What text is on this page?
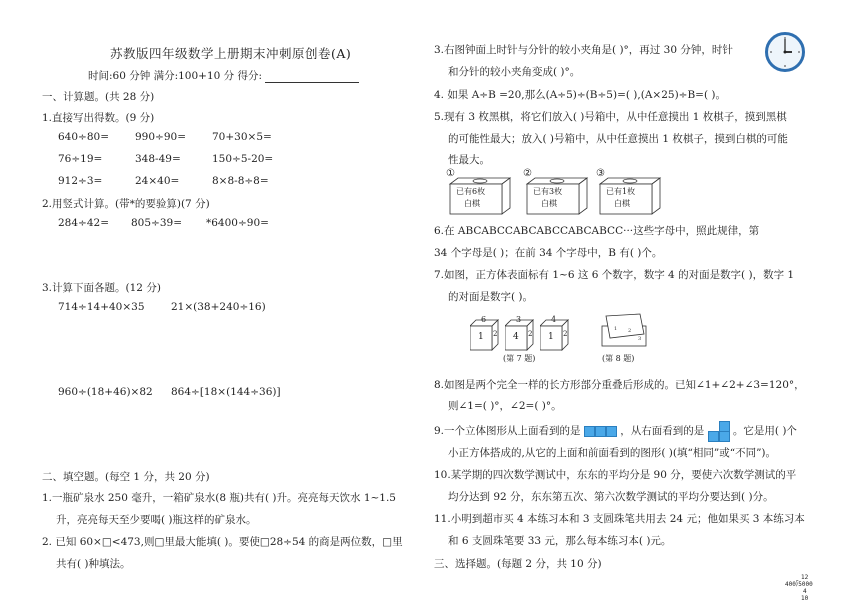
苏教版四年级数学上册期末冲刺原创卷(A)
时间:60 分钟 满分:100+10 分 得分:
一、计算题。(共 28 分)
1.直接写出得数。(9 分)
640÷80= 990÷90= 70+30×5=
76÷19=	348-49=	150÷5-20=
912÷3=	24×40=	8×8-8÷8=
2.用竖式计算。(带*的要验算)(7 分)
284÷42= 805÷39= *6400÷90=
3.计算下面各题。(12 分)
714÷14+40×35	21×(38+240÷16)
960÷(18+46)×82 864÷[18×(144÷36)]
二、填空题。(每空 1 分，共 20 分)
1.一瓶矿泉水 250 毫升，一箱矿泉水(8 瓶)共有( )升。亮亮每天饮水 1~1.5
升，亮亮每天至少要喝( )瓶这样的矿泉水。
2. 已知 60×□<473,则□里最大能填( )。要使□28÷54 的商是两位数，□里
共有( )种填法。
3.右图钟面上时针与分针的较小夹角是( )°，再过 30 分钟，时针
和分针的较小夹角变成( )°。
4. 如果 A÷B =20,那么(A÷5)÷(B÷5)=( ),(A×25)÷B=( )。
5.现有 3 枚黑棋，将它们放入( )号箱中，从中任意摸出 1 枚棋子，摸到黑棋
的可能性最大；放入( )号箱中，从中任意摸出 1 枚棋子，摸到白棋的可能
性最大。
①
已有6枚
白棋
②
已有3枚
白棋
③
已有1枚
白棋
6.在 ABCABCCABCABCCABCABCC···这些字母中，照此规律，第
34 个字母是( )；在前 34 个字母中，B 有( )个。
7.如图，正方体表面标有 1~6 这 6 个数字，数字 4 的对面是数字( )，数字 1
的对面是数字( )。
6
1 2
3
4 2
4
1 2
(第 7 题)
1 2
3
(第 8 题)
8.如图是两个完全一样的长方形部分重叠后形成的。已知∠1+∠2+∠3=120°，
则∠1=( )°，∠2=( )°。
9.一个立体图形从上面看到的是	，从右面看到的是	。它是用( )个
小正方体搭成的,从它的上面和前面看到的图形( )(填“相同”或“不同”)。
10.某学期的四次数学测试中，东东的平均分是 90 分，要使六次数学测试的平
均分达到 92 分，东东第五次、第六次数学测试的平均分要达到( )分。
11.小明到超市买 4 本练习本和 3 支圆珠笔共用去 24 元；他如果买 3 本练习本
和 6 支圆珠笔要 33 元，那么每本练习本( )元。
三、选择题。(每题 2 分，共 10 分)
12
400⟌5000
4
10
